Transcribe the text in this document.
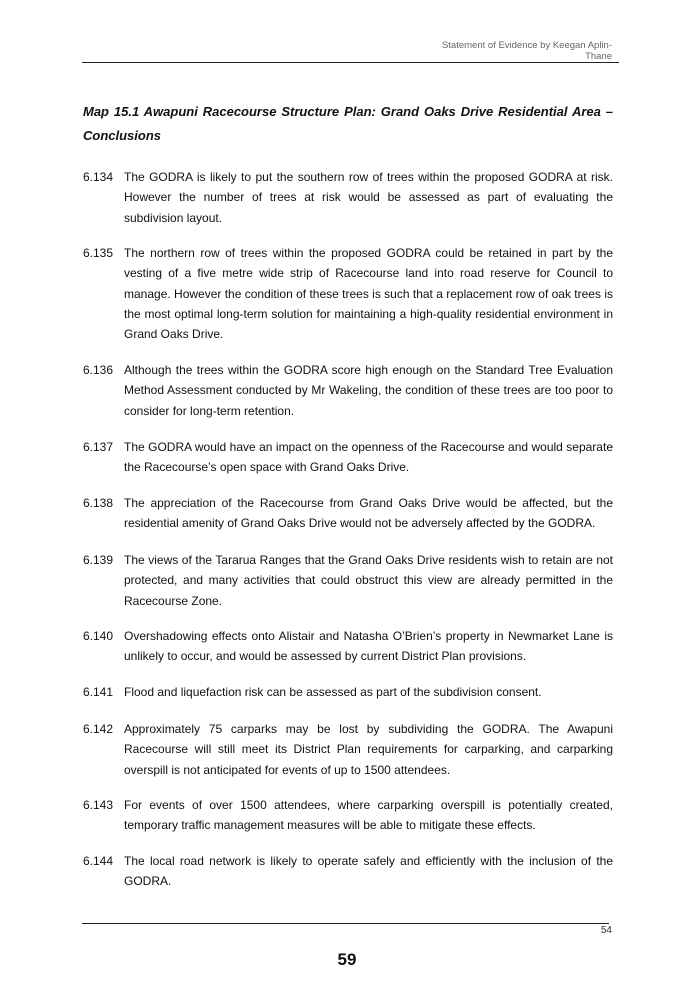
Statement of Evidence by Keegan Aplin-Thane
Map 15.1 Awapuni Racecourse Structure Plan: Grand Oaks Drive Residential Area – Conclusions
6.134 The GODRA is likely to put the southern row of trees within the proposed GODRA at risk. However the number of trees at risk would be assessed as part of evaluating the subdivision layout.
6.135 The northern row of trees within the proposed GODRA could be retained in part by the vesting of a five metre wide strip of Racecourse land into road reserve for Council to manage. However the condition of these trees is such that a replacement row of oak trees is the most optimal long-term solution for maintaining a high-quality residential environment in Grand Oaks Drive.
6.136 Although the trees within the GODRA score high enough on the Standard Tree Evaluation Method Assessment conducted by Mr Wakeling, the condition of these trees are too poor to consider for long-term retention.
6.137 The GODRA would have an impact on the openness of the Racecourse and would separate the Racecourse’s open space with Grand Oaks Drive.
6.138 The appreciation of the Racecourse from Grand Oaks Drive would be affected, but the residential amenity of Grand Oaks Drive would not be adversely affected by the GODRA.
6.139 The views of the Tararua Ranges that the Grand Oaks Drive residents wish to retain are not protected, and many activities that could obstruct this view are already permitted in the Racecourse Zone.
6.140 Overshadowing effects onto Alistair and Natasha O’Brien’s property in Newmarket Lane is unlikely to occur, and would be assessed by current District Plan provisions.
6.141 Flood and liquefaction risk can be assessed as part of the subdivision consent.
6.142 Approximately 75 carparks may be lost by subdividing the GODRA. The Awapuni Racecourse will still meet its District Plan requirements for carparking, and carparking overspill is not anticipated for events of up to 1500 attendees.
6.143 For events of over 1500 attendees, where carparking overspill is potentially created, temporary traffic management measures will be able to mitigate these effects.
6.144 The local road network is likely to operate safely and efficiently with the inclusion of the GODRA.
54
59
